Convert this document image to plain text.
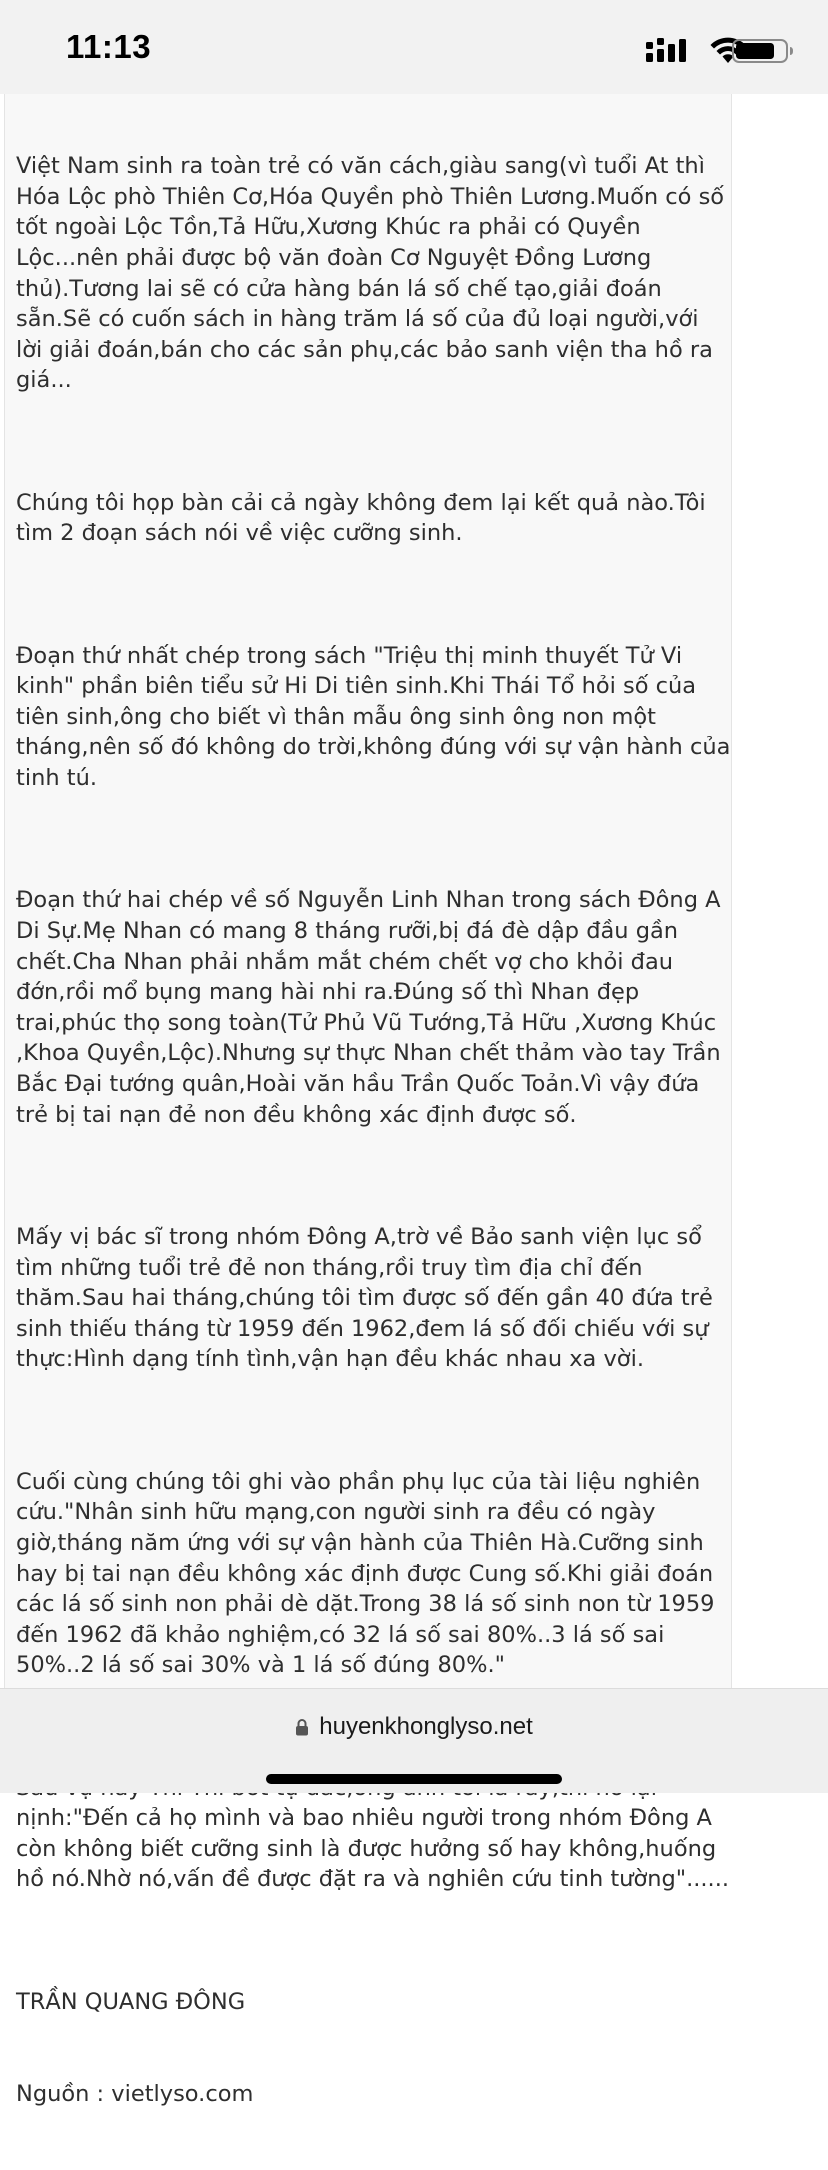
11:13

Việt Nam sinh ra toàn trẻ có văn cách,giàu sang(vì tuổi At thì Hóa Lộc phò Thiên Cơ,Hóa Quyền phò Thiên Lương.Muốn có số tốt ngoài Lộc Tồn,Tả Hữu,Xương Khúc ra phải có Quyền Lộc...nên phải được bộ văn đoàn Cơ Nguyệt Đồng Lương thủ).Tương lai sẽ có cửa hàng bán lá số chế tạo,giải đoán sẵn.Sẽ có cuốn sách in hàng trăm lá số của đủ loại người,với lời giải đoán,bán cho các sản phụ,các bảo sanh viện tha hồ ra giá...

Chúng tôi họp bàn cải cả ngày không đem lại kết quả nào.Tôi tìm 2 đoạn sách nói về việc cưỡng sinh.

Đoạn thứ nhất chép trong sách "Triệu thị minh thuyết Tử Vi kinh" phần biên tiểu sử Hi Di tiên sinh.Khi Thái Tổ hỏi số của tiên sinh,ông cho biết vì thân mẫu ông sinh ông non một tháng,nên số đó không do trời,không đúng với sự vận hành của tinh tú.

Đoạn thứ hai chép về số Nguyễn Linh Nhan trong sách Đông A Di Sự.Mẹ Nhan có mang 8 tháng rưỡi,bị đá đè dập đầu gần chết.Cha Nhan phải nhắm mắt chém chết vợ cho khỏi đau đớn,rồi mổ bụng mang hài nhi ra.Đúng số thì Nhan đẹp trai,phúc thọ song toàn(Tử Phủ Vũ Tướng,Tả Hữu ,Xương Khúc ,Khoa Quyền,Lộc).Nhưng sự thực Nhan chết thảm vào tay Trần Bắc Đại tướng quân,Hoài văn hầu Trần Quốc Toản.Vì vậy đứa trẻ bị tai nạn đẻ non đều không xác định được số.

Mấy vị bác sĩ trong nhóm Đông A,trờ về Bảo sanh viện lục sổ tìm những tuổi trẻ đẻ non tháng,rồi truy tìm địa chỉ đến thăm.Sau hai tháng,chúng tôi tìm được số đến gần 40 đứa trẻ sinh thiếu tháng từ 1959 đến 1962,đem lá số đối chiếu với sự thực:Hình dạng tính tình,vận hạn đều khác nhau xa vời.

Cuối cùng chúng tôi ghi vào phần phụ lục của tài liệu nghiên cứu."Nhân sinh hữu mạng,con người sinh ra đều có ngày giờ,tháng năm ứng với sự vận hành của Thiên Hà.Cưỡng sinh hay bị tai nạn đều không xác định được Cung số.Khi giải đoán các lá số sinh non phải dè dặt.Trong 38 lá số sinh non từ 1959 đến 1962 đã khảo nghiệm,có 32 lá số sai 80%..3 lá số sai 50%..2 lá số sai 30% và 1 lá số đúng 80%."

nịnh:"Đến cả họ mình và bao nhiêu người trong nhóm Đông A còn không biết cưỡng sinh là được hưởng số hay không,huống hồ nó.Nhờ nó,vấn đề được đặt ra và nghiên cứu tinh tường"......

TRẦN QUANG ĐÔNG

Nguồn : vietlyso.com

huyenkhonglyso.net
